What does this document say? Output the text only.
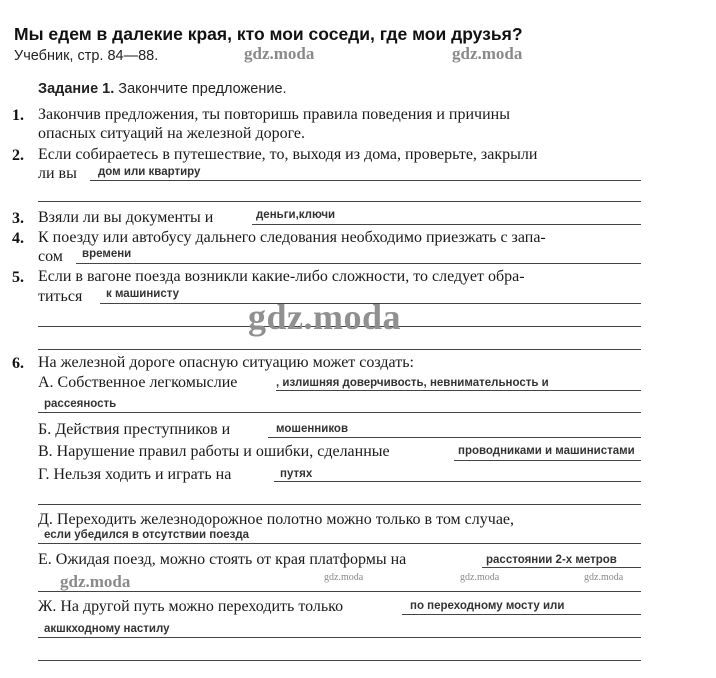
Мы едем в далекие края, кто мои соседи, где мои друзья?
Учебник, стр. 84—88.	gdz.moda	gdz.moda
Задание 1. Закончите предложение.
1. Закончив предложения, ты повторишь правила поведения и причины
опасных ситуаций на железной дороге.
2. Если собираетесь в путешествие, то, выходя из дома, проверьте, закрыли
ли вы дом или квартиру
3. Взяли ли вы документы и	деньги,ключи
4. К поезду или автобусу дальнего следования необходимо приезжать с запа-
сом времени
5. Если в вагоне поезда возникли какие-либо сложности, то следует обра-
титься к машинисту
gdz.moda
6. На железной дороге опасную ситуацию может создать:
А. Собственное легкомыслие	, излишняя доверчивость, невнимательность и
рассеяность
Б. Действия преступников и	мошенников
В. Нарушение правил работы и ошибки, сделанные	проводниками и машинистами
Г. Нельзя ходить и играть на	путях
Д. Переходить железнодорожное полотно можно только в том случае,
если убедился в отсутствии поезда
Е. Ожидая поезд, можно стоять от края платформы на	расстоянии 2-х метров
gdz.moda	gdz.moda	gdz.moda	gdz.moda
Ж. На другой путь можно переходить только	по переходному мосту или
акшкходному настилу
